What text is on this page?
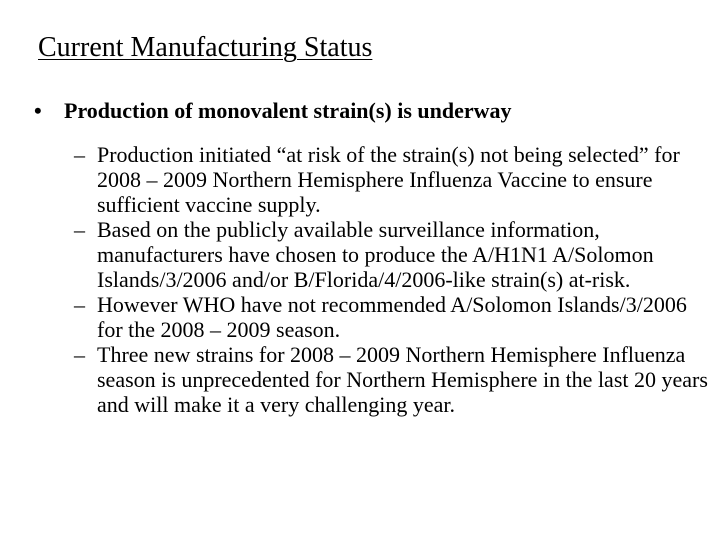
Current Manufacturing Status
• Production of monovalent strain(s) is underway
– Production initiated “at risk of the strain(s) not being selected” for 2008 – 2009 Northern Hemisphere Influenza Vaccine to ensure sufficient vaccine supply.
– Based on the publicly available surveillance information, manufacturers have chosen to produce the A/H1N1 A/Solomon Islands/3/2006 and/or B/Florida/4/2006-like strain(s) at-risk.
– However WHO have not recommended A/Solomon Islands/3/2006 for the 2008 – 2009 season.
– Three new strains for 2008 – 2009 Northern Hemisphere Influenza season is unprecedented for Northern Hemisphere in the last 20 years and will make it a very challenging year.
